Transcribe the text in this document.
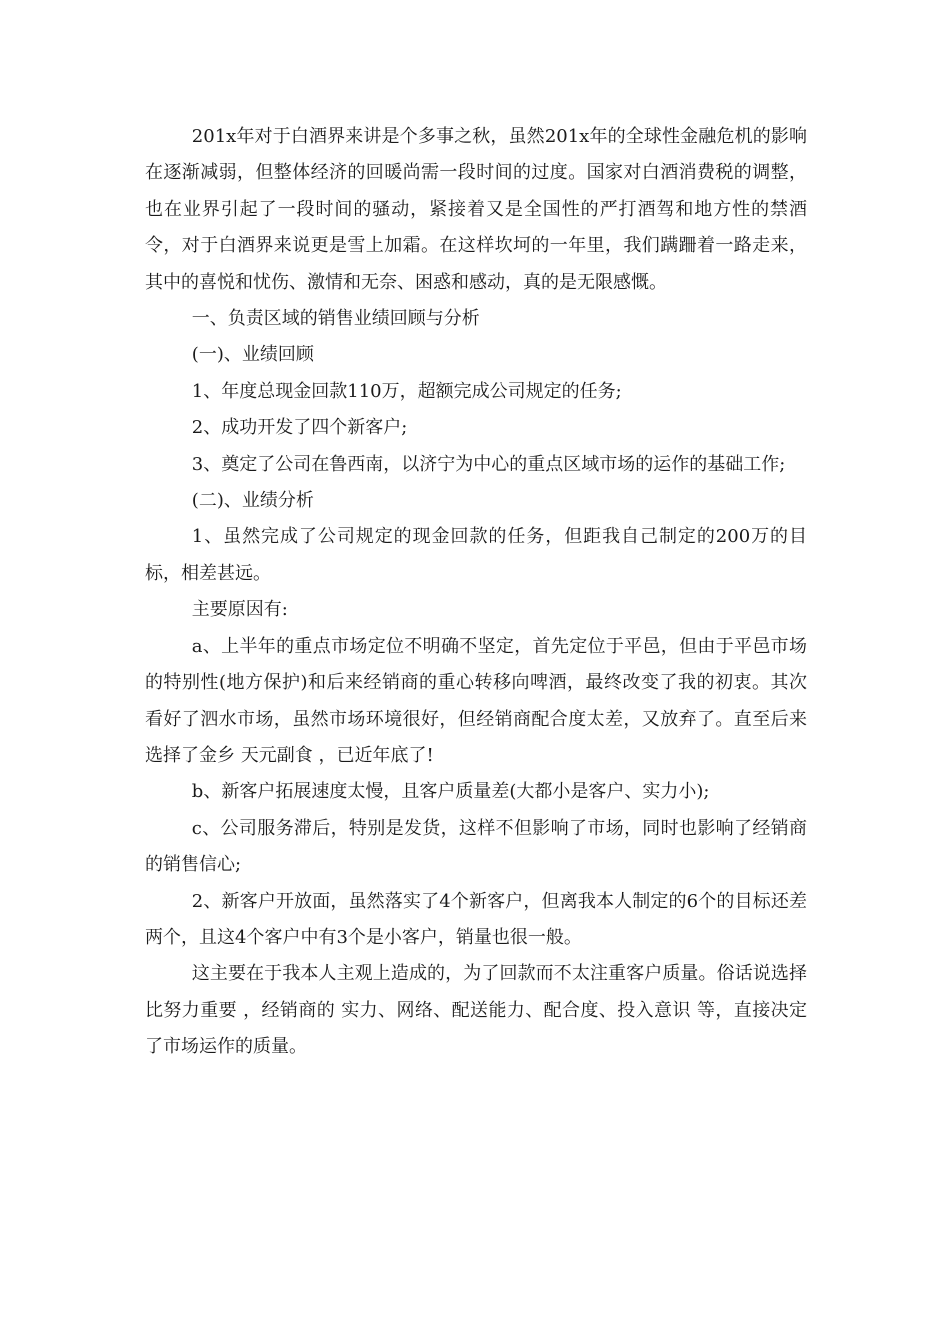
201x年对于白酒界来讲是个多事之秋，虽然201x年的全球性金融危机的影响在逐渐减弱，但整体经济的回暖尚需一段时间的过度。国家对白酒消费税的调整，也在业界引起了一段时间的骚动，紧接着又是全国性的严打酒驾和地方性的禁酒令，对于白酒界来说更是雪上加霜。在这样坎坷的一年里，我们蹒跚着一路走来，其中的喜悦和忧伤、激情和无奈、困惑和感动，真的是无限感慨。

一、负责区域的销售业绩回顾与分析

(一)、业绩回顾

1、年度总现金回款110万，超额完成公司规定的任务;

2、成功开发了四个新客户;

3、奠定了公司在鲁西南，以济宁为中心的重点区域市场的运作的基础工作;

(二)、业绩分析

1、虽然完成了公司规定的现金回款的任务，但距我自己制定的200万的目标，相差甚远。

主要原因有:

a、上半年的重点市场定位不明确不坚定，首先定位于平邑，但由于平邑市场的特别性(地方保护)和后来经销商的重心转移向啤酒，最终改变了我的初衷。其次看好了泗水市场，虽然市场环境很好，但经销商配合度太差，又放弃了。直至后来选择了金乡 天元副食 ，已近年底了!

b、新客户拓展速度太慢，且客户质量差(大都小是客户、实力小);

c、公司服务滞后，特别是发货，这样不但影响了市场，同时也影响了经销商的销售信心;

2、新客户开放面，虽然落实了4个新客户，但离我本人制定的6个的目标还差两个，且这4个客户中有3个是小客户，销量也很一般。

这主要在于我本人主观上造成的，为了回款而不太注重客户质量。俗话说选择比努力重要 ，经销商的 实力、网络、配送能力、配合度、投入意识 等，直接决定了市场运作的质量。
